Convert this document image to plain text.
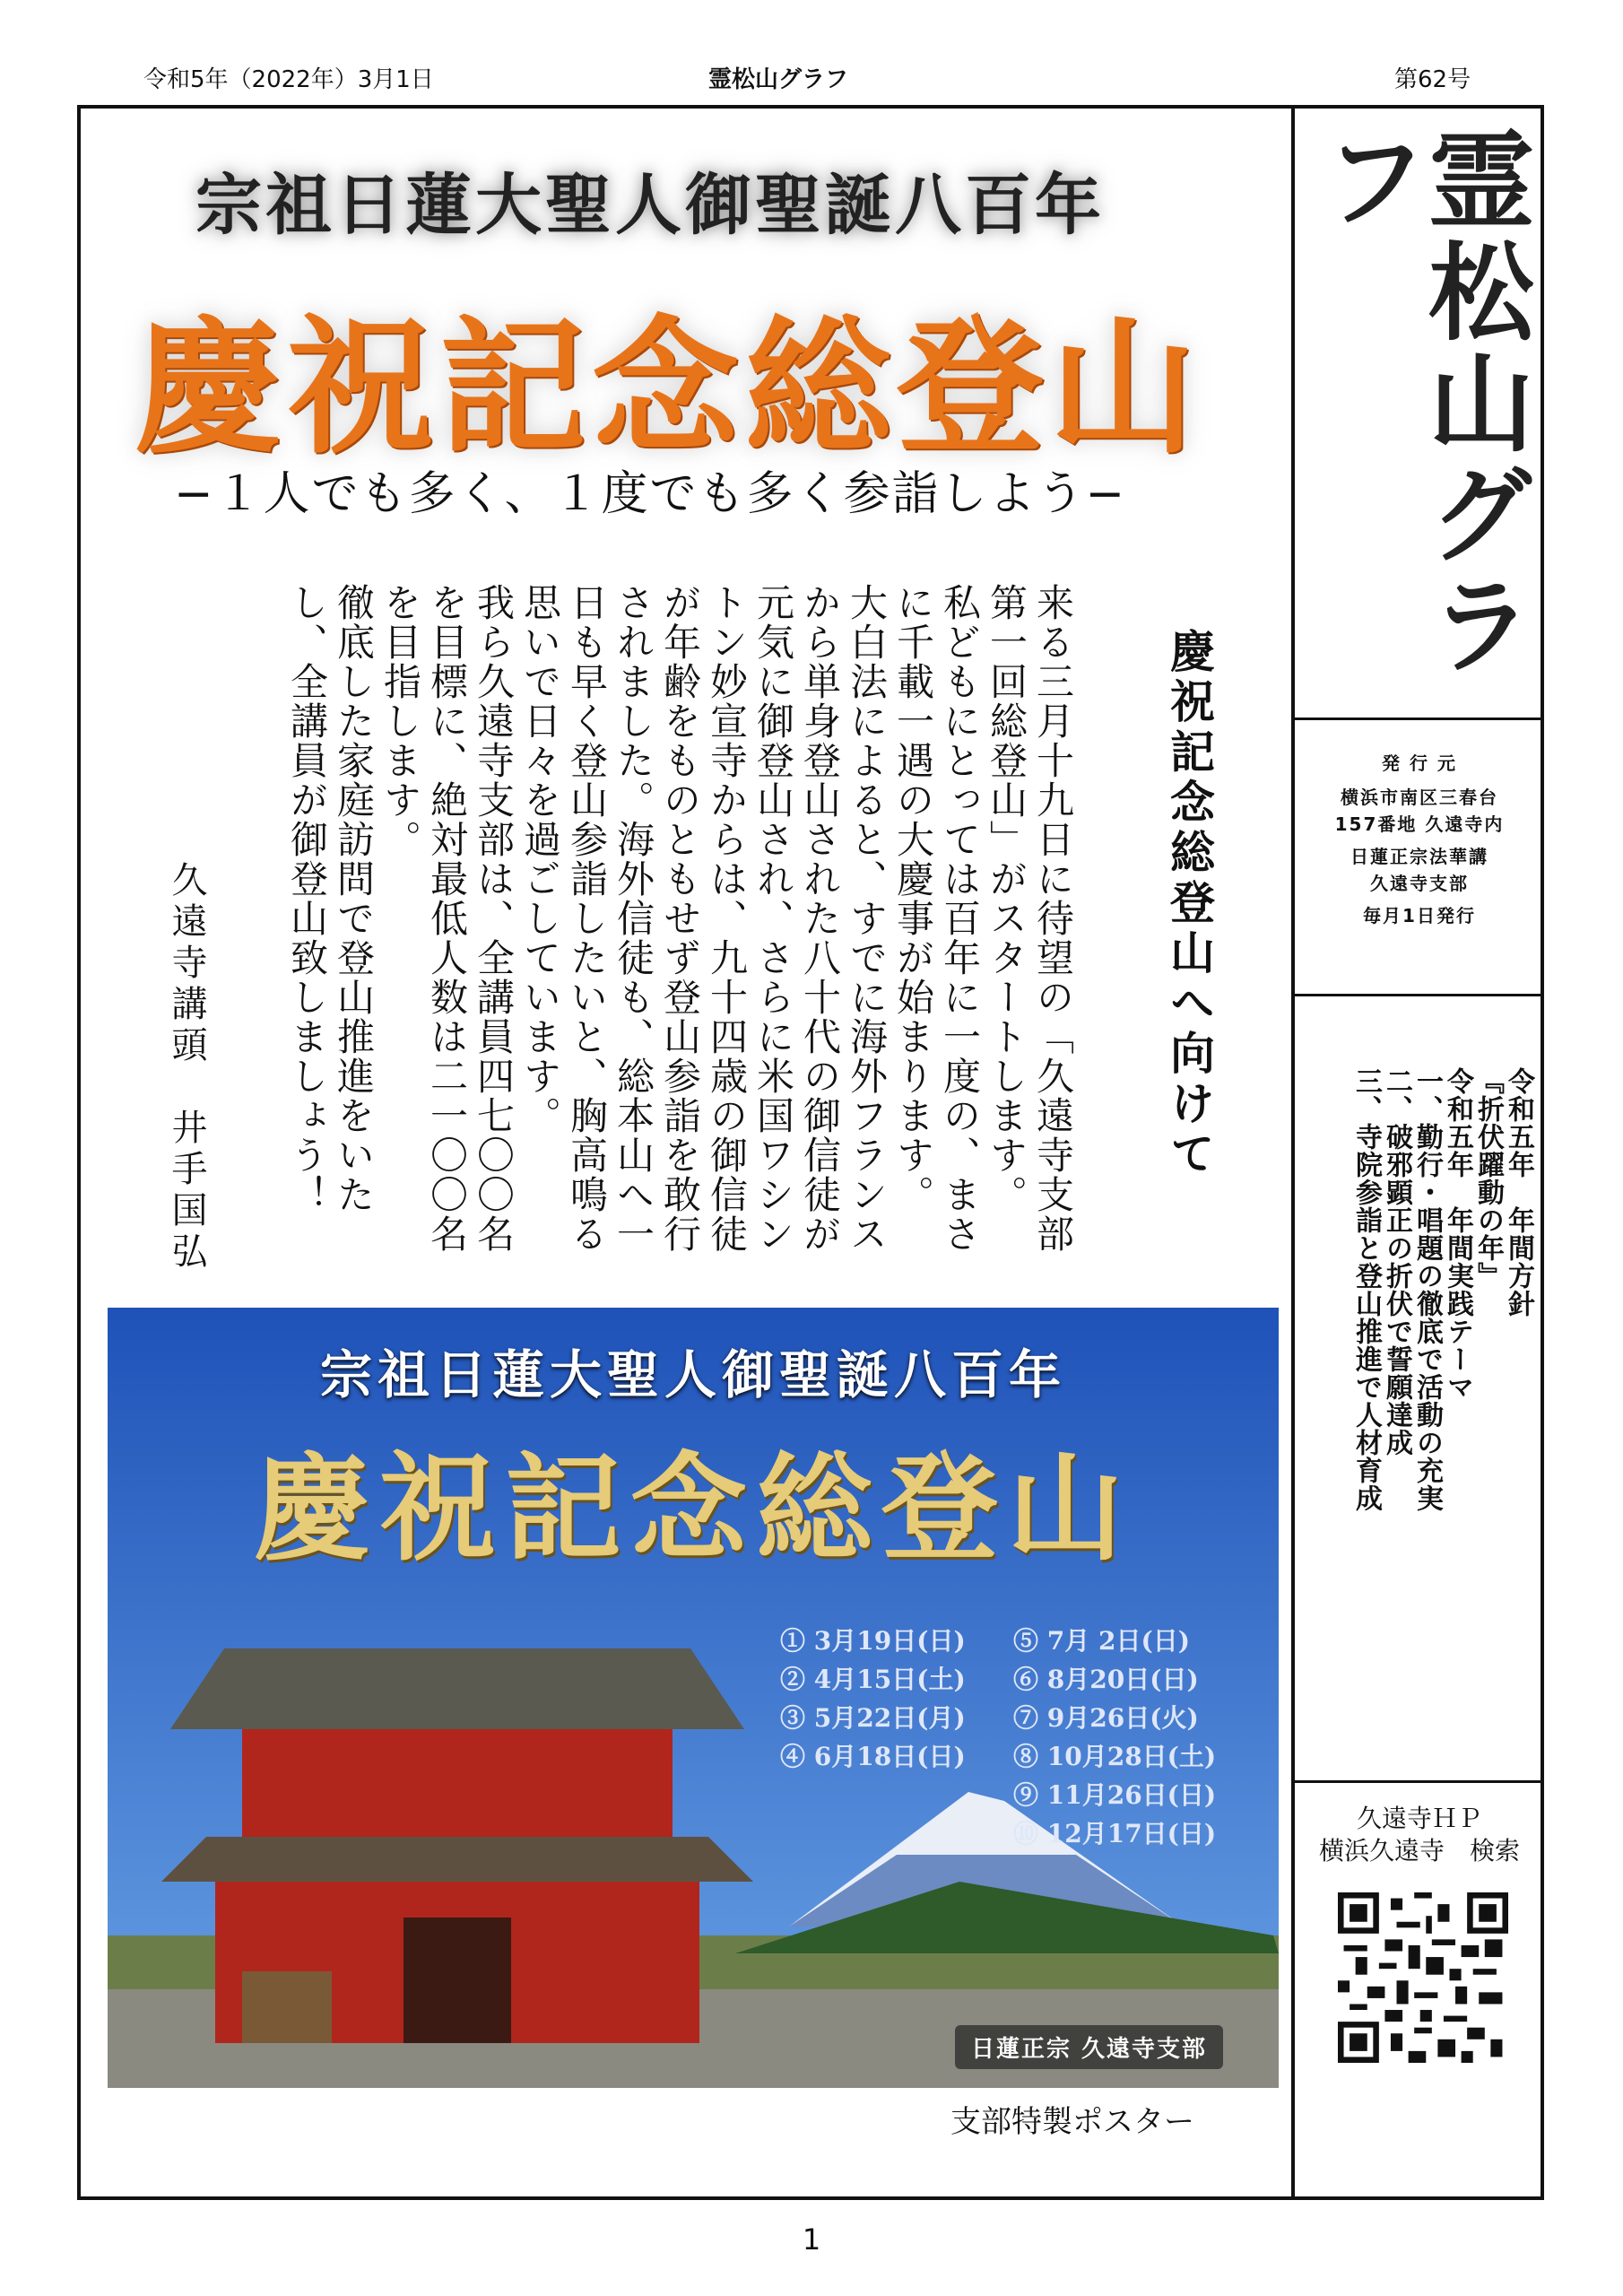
令和5年（2022年）3月1日	霊松山グラフ	第62号
霊松山グラフ
発 行 元
横浜市南区三春台
157番地 久遠寺内
日蓮正宗法華講
久遠寺支部
毎月1日発行
令和五年　年間方針
『折伏躍動の年』
令和五年　年間実践テーマ
一、勤行・唱題の徹底で活動の充実
二、破邪顕正の折伏で誓願達成
三、寺院参詣と登山推進で人材育成
久遠寺ＨＰ
横浜久遠寺　検索
宗祖日蓮大聖人御聖誕八百年
慶祝記念総登山
−１人でも多く、１度でも多く参詣しよう−
慶祝記念総登山へ向けて

来る三月十九日に待望の「久遠寺支部第一回総登山」がスタートします。

私どもにとっては百年に一度の、まさに千載一遇の大慶事が始まります。

大白法によると、すでに海外フランスから単身登山された八十代の御信徒が元気に御登山され、さらに米国ワシントン妙宣寺からは、九十四歳の御信徒が年齢をものともせず登山参詣を敢行されました。海外信徒も、総本山へ一日も早く登山参詣したいと、胸高鳴る思いで日々を過ごしています。

我ら久遠寺支部は、全講員四七〇〇名を目標に、絶対最低人数は二一〇〇名を目指します。

徹底した家庭訪問で登山推進をいたし、全講員が御登山致しましょう！

久遠寺講頭　井手国弘
宗祖日蓮大聖人御聖誕八百年
慶祝記念総登山
① 3月19日(日)
② 4月15日(土)
③ 5月22日(月)
④ 6月18日(日)
⑤ 7月 2日(日)
⑥ 8月20日(日)
⑦ 9月26日(火)
⑧ 10月28日(土)
⑨ 11月26日(日)
⑩ 12月17日(日)
日蓮正宗 久遠寺支部
支部特製ポスター
1
